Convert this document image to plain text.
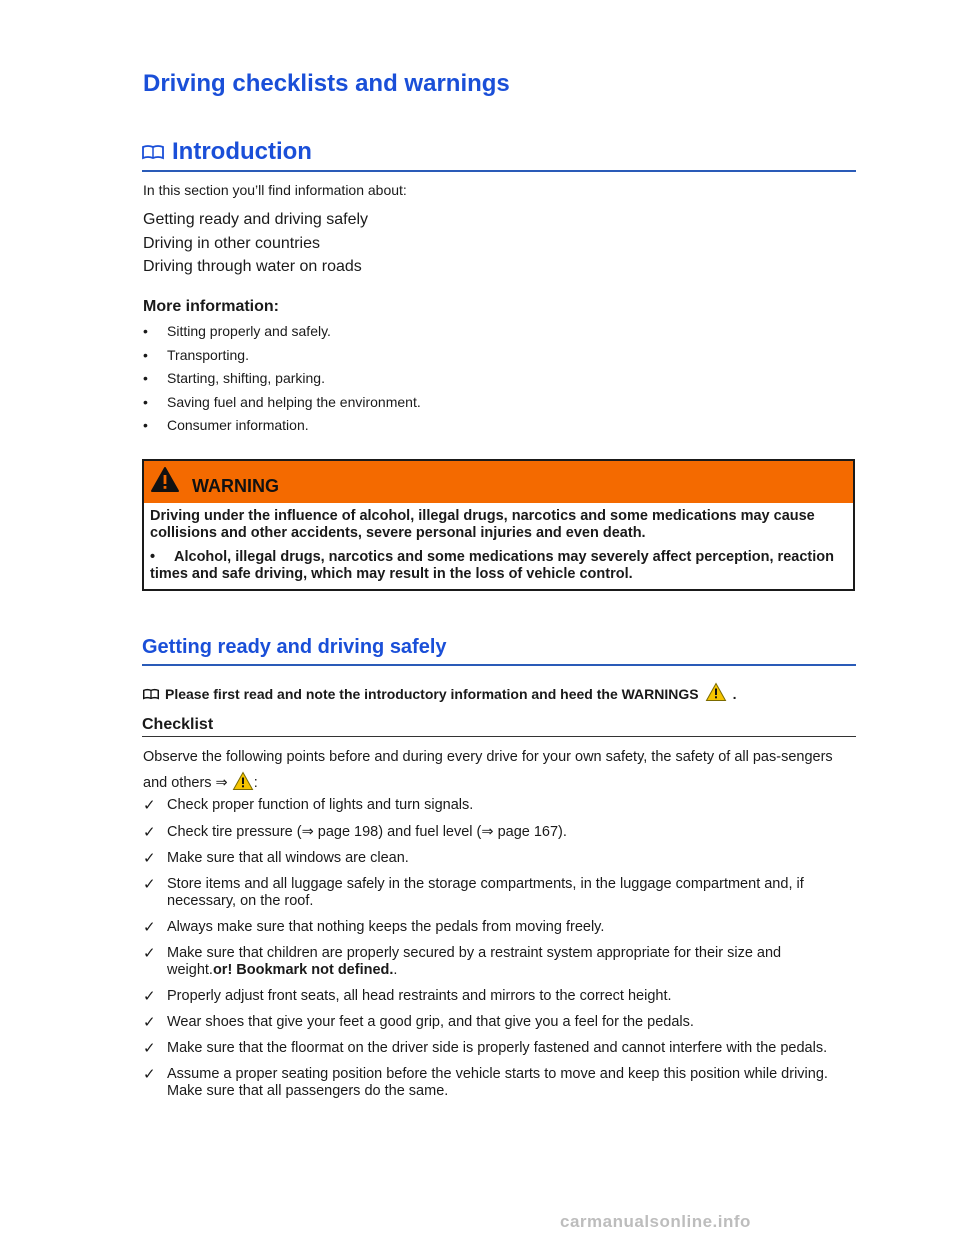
Driving checklists and warnings
Introduction

In this section you’ll find information about:

Getting ready and driving safely
Driving in other countries
Driving through water on roads

More information:

•	Sitting properly and safely.
•	Transporting.
•	Starting, shifting, parking.
•	Saving fuel and helping the environment.
•	Consumer information.
WARNING

Driving under the influence of alcohol, illegal drugs, narcotics and some medications may cause collisions and other accidents, severe personal injuries and even death.

• Alcohol, illegal drugs, narcotics and some medications may severely affect perception, reaction times and safe driving, which may result in the loss of vehicle control.

Getting ready and driving safely
Please first read and note the introductory information and heed the WARNINGS .

Checklist

Observe the following points before and during every drive for your own safety, the safety of all pas-sengers and others ⇒ :

✓ Check proper function of lights and turn signals.
✓ Check tire pressure (⇒ page 198) and fuel level (⇒ page 167).
✓ Make sure that all windows are clean.
✓ Store items and all luggage safely in the storage compartments, in the luggage compartment and, if necessary, on the roof.
✓ Always make sure that nothing keeps the pedals from moving freely.
✓ Make sure that children are properly secured by a restraint system appropriate for their size and weight.or! Bookmark not defined..
✓ Properly adjust front seats, all head restraints and mirrors to the correct height.
✓ Wear shoes that give your feet a good grip, and that give you a feel for the pedals.
✓ Make sure that the floormat on the driver side is properly fastened and cannot interfere with the pedals.
✓ Assume a proper seating position before the vehicle starts to move and keep this position while driving. Make sure that all passengers do the same.
carmanualsonline.info
